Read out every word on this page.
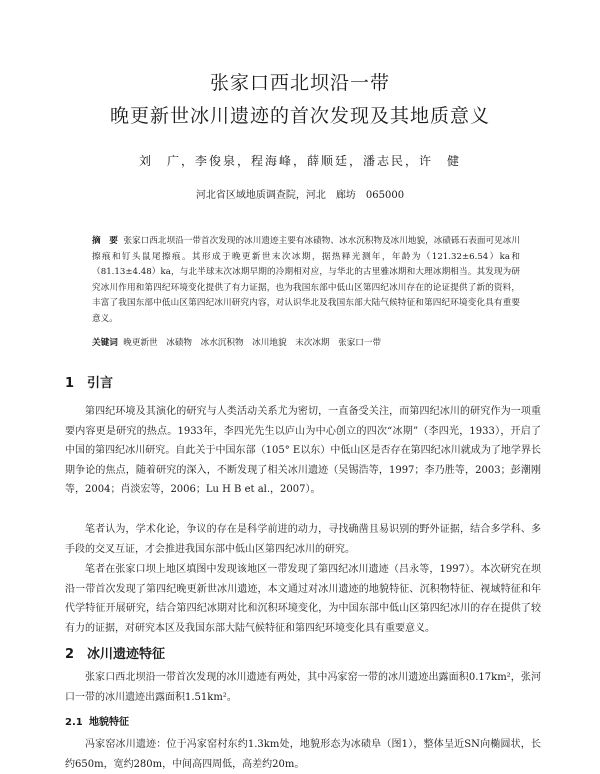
张家口西北坝沿一带
晚更新世冰川遗迹的首次发现及其地质意义
刘　广，李俊泉，程海峰，薛顺廷，潘志民，许　健
河北省区域地质调查院，河北　廊坊　065000
摘　要 张家口西北坝沿一带首次发现的冰川遗迹主要有冰碛物、冰水沉积物及冰川地貌，冰碛砾石表面可见冰川擦痕和钉头鼠尾擦痕。其形成于晚更新世末次冰期，据热释光测年，年龄为（121.32±6.54）ka和（81.13±4.48）ka，与北半球末次冰期早期的冷期相对应，与华北的古里雅冰期和大理冰期相当。其发现为研究冰川作用和第四纪环境变化提供了有力证据，也为我国东部中低山区第四纪冰川存在的论证提供了新的资料，丰富了我国东部中低山区第四纪冰川研究内容，对认识华北及我国东部大陆气候特征和第四纪环境变化具有重要意义。
关键词 晚更新世　冰碛物　冰水沉积物　冰川地貌　末次冰期　张家口一带
1 引言
第四纪环境及其演化的研究与人类活动关系尤为密切，一直备受关注，而第四纪冰川的研究作为一项重要内容更是研究的热点。1933年，李四光先生以庐山为中心创立的四次“冰期”（李四光，1933），开启了中国的第四纪冰川研究。自此关于中国东部（105° E以东）中低山区是否存在第四纪冰川就成为了地学界长期争论的焦点，随着研究的深入，不断发现了相关冰川遗迹（吴锡浩等，1997；李乃胜等，2003；彭潮刚等，2004；肖淡宏等，2006；Lu H B et al.，2007）。
笔者认为，学术化论，争议的存在是科学前进的动力，寻找确凿且易识别的野外证据，结合多学科、多手段的交叉互证，才会推进我国东部中低山区第四纪冰川的研究。
笔者在张家口坝上地区填图中发现该地区一带发现了第四纪冰川遗迹（吕永等，1997）。本次研究在坝沿一带首次发现了第四纪晚更新世冰川遗迹，本文通过对冰川遗迹的地貌特征、沉积物特征、视域特征和年代学特征开展研究，结合第四纪冰期对比和沉积环境变化，为中国东部中低山区第四纪冰川的存在提供了较有力的证据，对研究本区及我国东部大陆气候特征和第四纪环境变化具有重要意义。
2 冰川遗迹特征
张家口西北坝沿一带首次发现的冰川遗迹有两处，其中冯家窑一带的冰川遗迹出露面积0.17km²，张河口一带的冰川遗迹出露面积1.51km²。
2.1 地貌特征
冯家窑冰川遗迹：位于冯家窑村东约1.3km处，地貌形态为冰碛阜（图1），整体呈近SN向椭圆状，长约650m，宽约280m，中间高四周低，高差约20m。
